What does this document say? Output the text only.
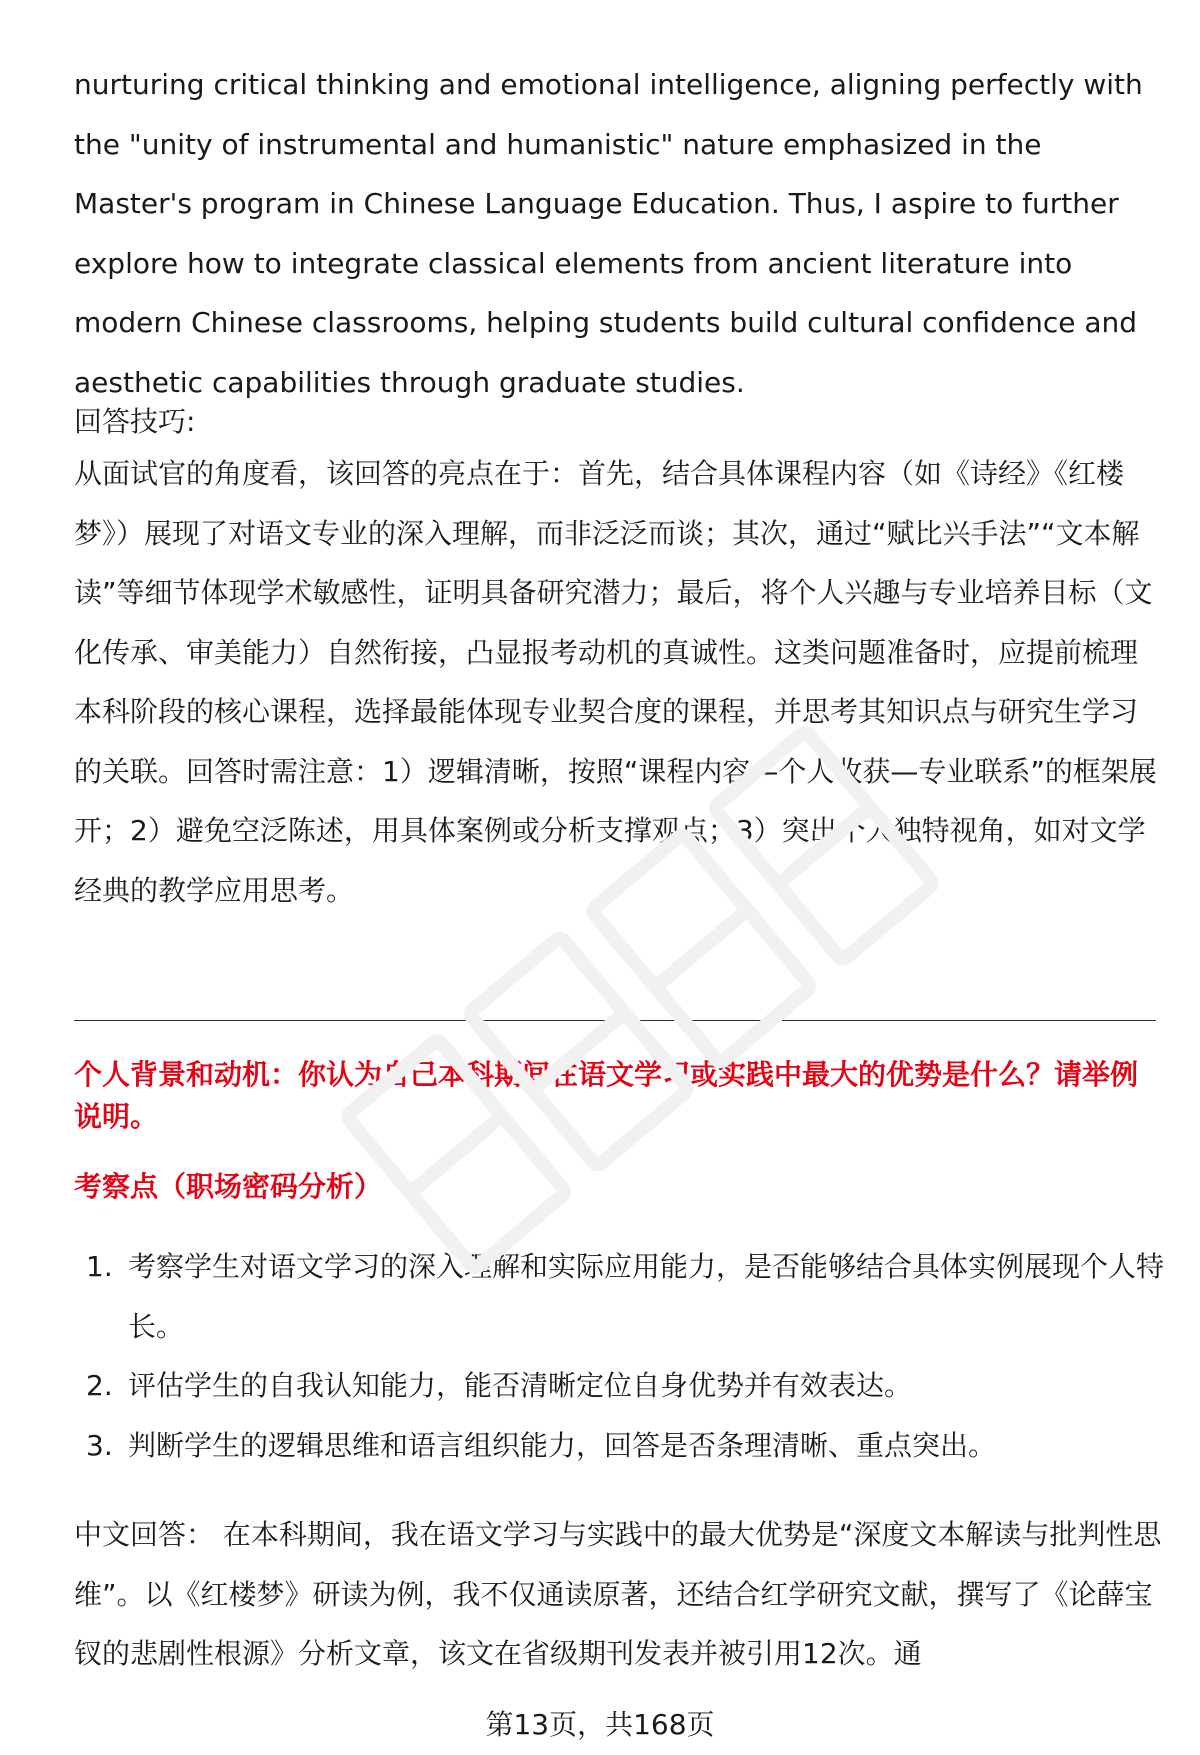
nurturing critical thinking and emotional intelligence, aligning perfectly with the "unity of instrumental and humanistic" nature emphasized in the Master's program in Chinese Language Education. Thus, I aspire to further explore how to integrate classical elements from ancient literature into modern Chinese classrooms, helping students build cultural confidence and aesthetic capabilities through graduate studies.

回答技巧:

从面试官的角度看，该回答的亮点在于：首先，结合具体课程内容（如《诗经》《红楼梦》）展现了对语文专业的深入理解，而非泛泛而谈；其次，通过“赋比兴手法”“文本解读”等细节体现学术敏感性，证明具备研究潜力；最后，将个人兴趣与专业培养目标（文化传承、审美能力）自然衔接，凸显报考动机的真诚性。这类问题准备时，应提前梳理本科阶段的核心课程，选择最能体现专业契合度的课程，并思考其知识点与研究生学习的关联。回答时需注意：1）逻辑清晰，按照“课程内容—个人收获—专业联系”的框架展开；2）避免空泛陈述，用具体案例或分析支撑观点；3）突出个人独特视角，如对文学经典的教学应用思考。

个人背景和动机：你认为自己本科期间在语文学习或实践中最大的优势是什么？请举例说明。

考察点（职场密码分析）

1. 考察学生对语文学习的深入理解和实际应用能力，是否能够结合具体实例展现个人特长。
2. 评估学生的自我认知能力，能否清晰定位自身优势并有效表达。
3. 判断学生的逻辑思维和语言组织能力，回答是否条理清晰、重点突出。

中文回答： 在本科期间，我在语文学习与实践中的最大优势是“深度文本解读与批判性思维”。以《红楼梦》研读为例，我不仅通读原著，还结合红学研究文献，撰写了《论薛宝钗的悲剧性根源》分析文章，该文在省级期刊发表并被引用12次。通

第13页，共168页
